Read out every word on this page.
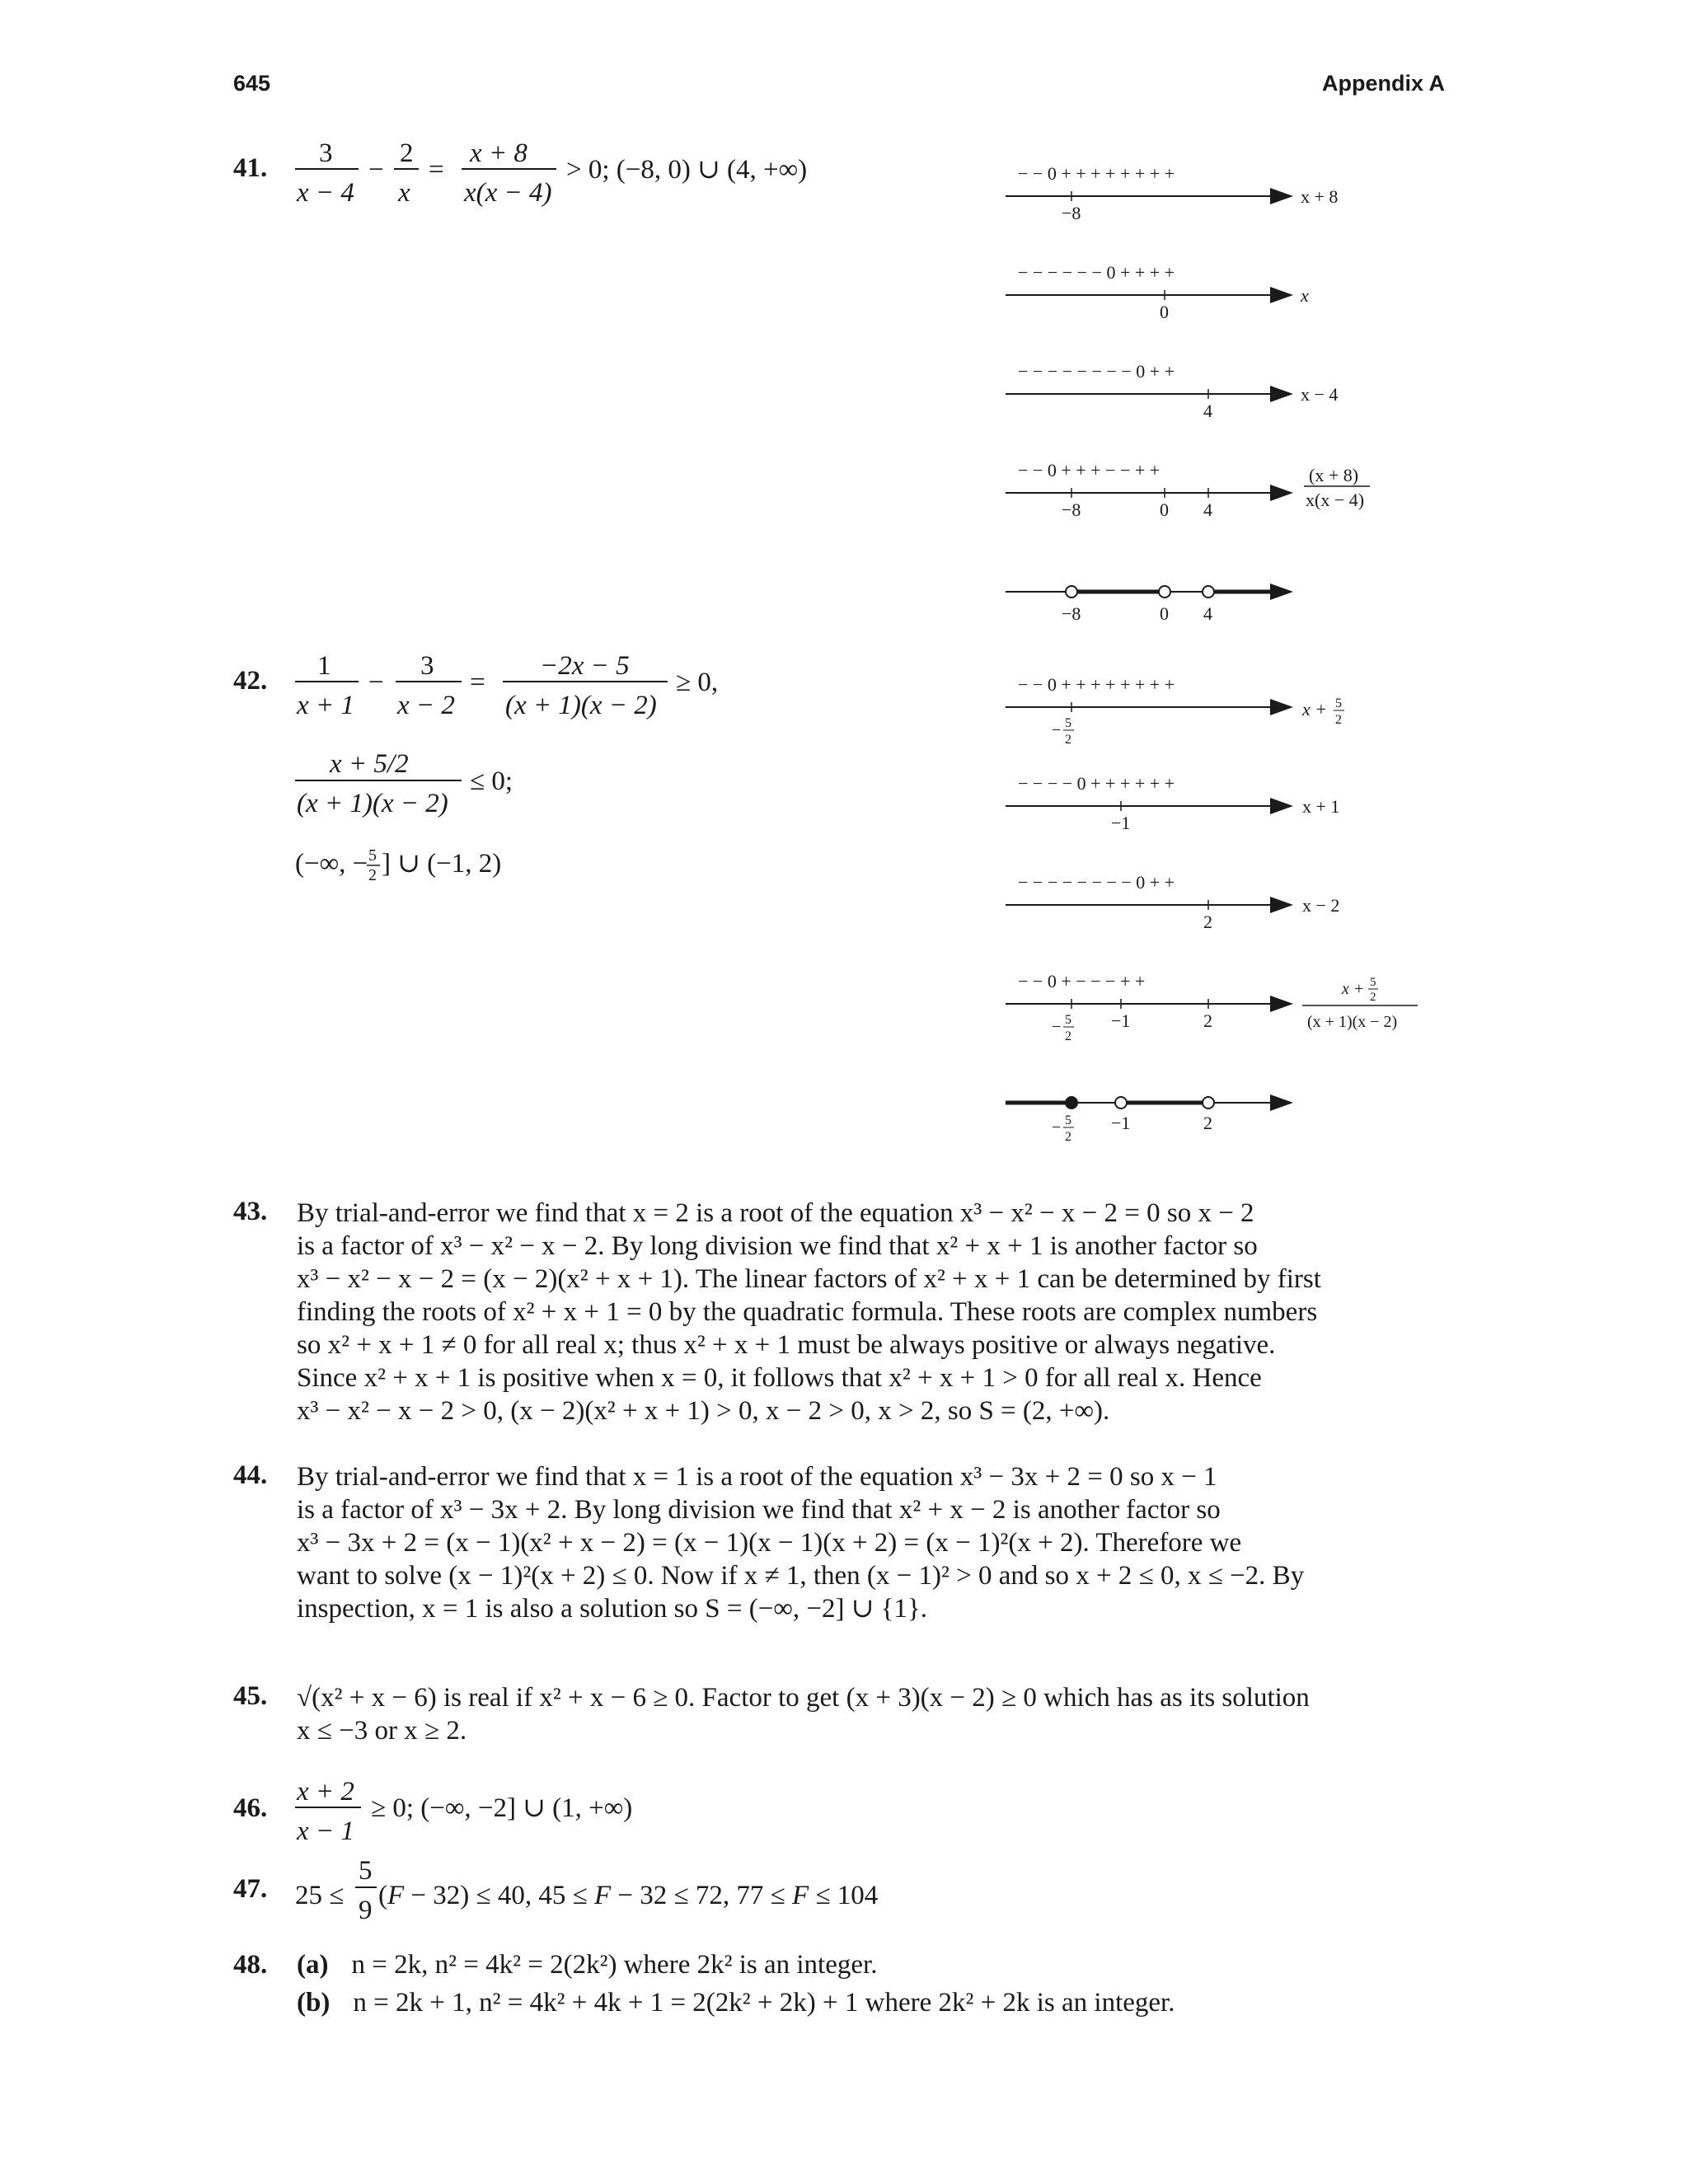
645	Appendix A
41. 3
x − 4
−
2
x
=
x + 8
x(x − 4)
> 0; (−8, 0) ∪ (4, +∞)
42. 1
x + 1
−
3
x − 2
=
−2x − 5
(x + 1)(x − 2)
≥ 0,
x + 5/2
(x + 1)(x − 2)
≤ 0;
(−∞, − 5
2 ] ∪ (−1, 2)
− − 0 + + + + + + + +
−8
x + 8
− − − − − − 0 + + + +
0
x
− − − − − − − − 0 + +
4
x − 4
− − 0 + + + − − + +
−8	0 4
(x + 8)
x(x − 4)
−8	0 4
− − 0 + + + + + + + +
− 5
2
x + 5
2
− − − − 0 + + + + + +
−1
x + 1
− − − − − − − − 0 + +
2
x − 2
− − 0 + − − − + +
− 5
2
−1	2
x + 5
2
(x + 1)(x − 2)
− 5
2
−1	2
43. By trial-and-error we find that x = 2 is a root of the equation x³ − x² − x − 2 = 0 so x − 2
is a factor of x³ − x² − x − 2. By long division we find that x² + x + 1 is another factor so
x³ − x² − x − 2 = (x − 2)(x² + x + 1). The linear factors of x² + x + 1 can be determined by first
finding the roots of x² + x + 1 = 0 by the quadratic formula. These roots are complex numbers
so x² + x + 1 ≠ 0 for all real x; thus x² + x + 1 must be always positive or always negative.
Since x² + x + 1 is positive when x = 0, it follows that x² + x + 1 > 0 for all real x. Hence
x³ − x² − x − 2 > 0, (x − 2)(x² + x + 1) > 0, x − 2 > 0, x > 2, so S = (2, +∞).
44. By trial-and-error we find that x = 1 is a root of the equation x³ − 3x + 2 = 0 so x − 1
is a factor of x³ − 3x + 2. By long division we find that x² + x − 2 is another factor so
x³ − 3x + 2 = (x − 1)(x² + x − 2) = (x − 1)(x − 1)(x + 2) = (x − 1)²(x + 2). Therefore we
want to solve (x − 1)²(x + 2) ≤ 0. Now if x ≠ 1, then (x − 1)² > 0 and so x + 2 ≤ 0, x ≤ −2. By
inspection, x = 1 is also a solution so S = (−∞, −2] ∪ {1}.
45. √(x² + x − 6) is real if x² + x − 6 ≥ 0. Factor to get (x + 3)(x − 2) ≥ 0 which has as its solution
x ≤ −3 or x ≥ 2.
46.
x + 2
x − 1
≥ 0; (−∞, −2] ∪ (1, +∞)
47. 25 ≤
5
9 (F − 32) ≤ 40, 45 ≤ F − 32 ≤ 72, 77 ≤ F ≤ 104
48. (a) n = 2k, n² = 4k² = 2(2k²) where 2k² is an integer.
(b) n = 2k + 1, n² = 4k² + 4k + 1 = 2(2k² + 2k) + 1 where 2k² + 2k is an integer.
